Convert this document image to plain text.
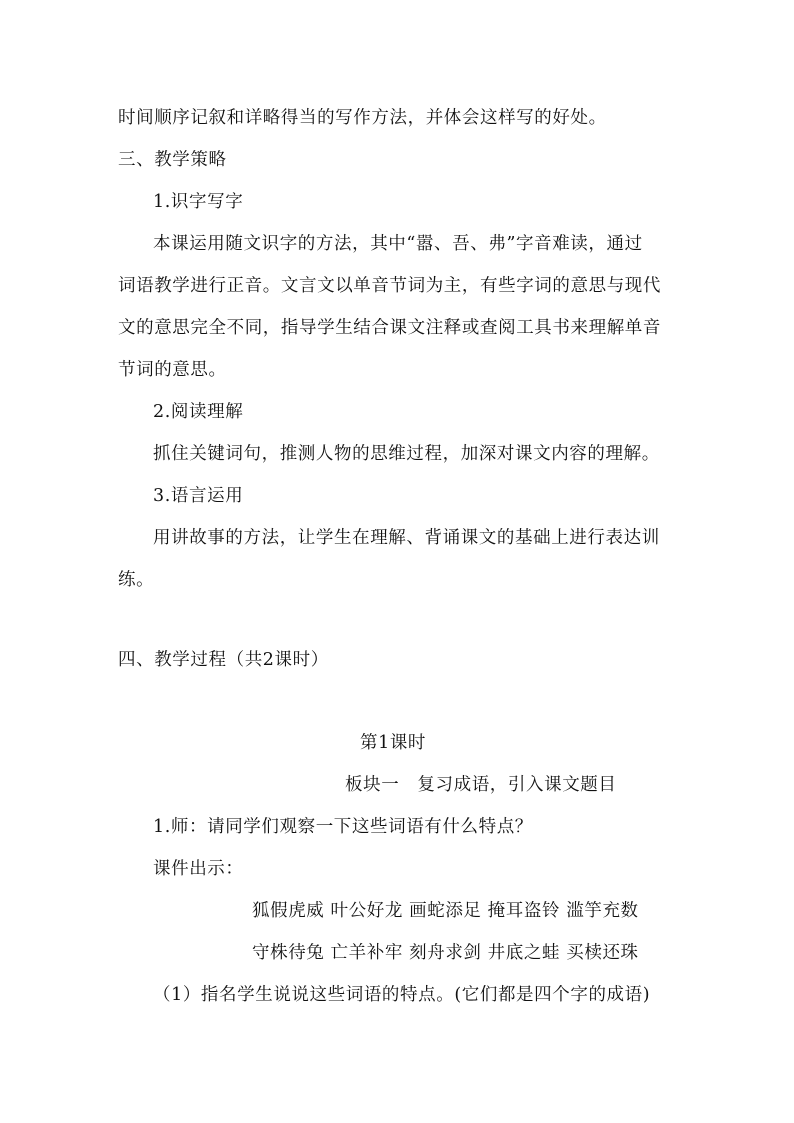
时间顺序记叙和详略得当的写作方法，并体会这样写的好处。
三、教学策略
1.识字写字
本课运用随文识字的方法，其中“嚣、吾、弗”字音难读，通过
词语教学进行正音。文言文以单音节词为主，有些字词的意思与现代
文的意思完全不同，指导学生结合课文注释或查阅工具书来理解单音
节词的意思。
2.阅读理解
抓住关键词句，推测人物的思维过程，加深对课文内容的理解。
3.语言运用
用讲故事的方法，让学生在理解、背诵课文的基础上进行表达训
练。
四、教学过程（共2课时）
第1课时
板块一　复习成语，引入课文题目
1.师：请同学们观察一下这些词语有什么特点？
课件出示：
狐假虎威 叶公好龙 画蛇添足 掩耳盗铃 滥竽充数
守株待兔 亡羊补牢 刻舟求剑 井底之蛙 买椟还珠
（1）指名学生说说这些词语的特点。(它们都是四个字的成语)
